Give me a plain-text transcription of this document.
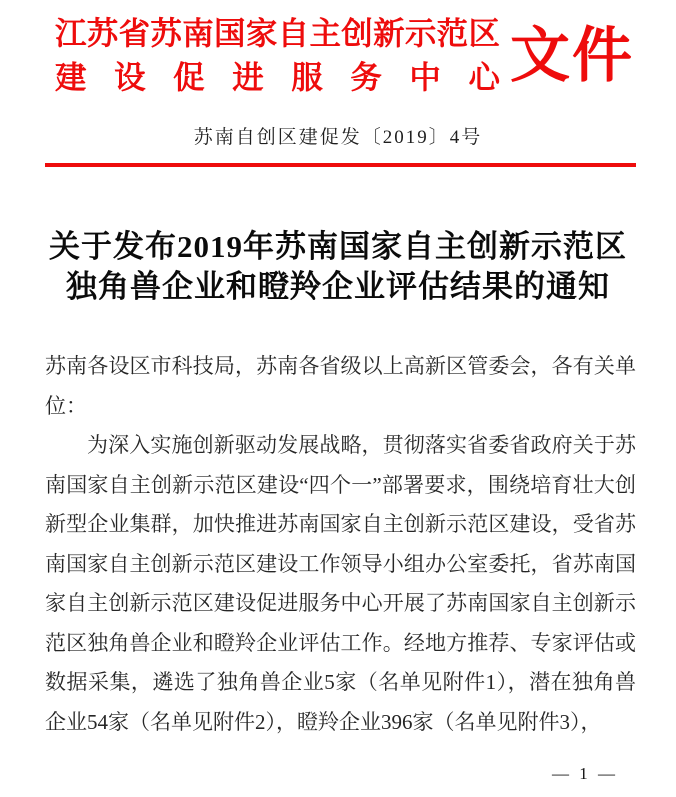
江苏省苏南国家自主创新示范区
建设促进服务中心 文件
苏南自创区建促发〔2019〕4号
关于发布2019年苏南国家自主创新示范区
独角兽企业和瞪羚企业评估结果的通知

苏南各设区市科技局，苏南各省级以上高新区管委会，各有关单位：

为深入实施创新驱动发展战略，贯彻落实省委省政府关于苏南国家自主创新示范区建设“四个一”部署要求，围绕培育壮大创新型企业集群，加快推进苏南国家自主创新示范区建设，受省苏南国家自主创新示范区建设工作领导小组办公室委托，省苏南国家自主创新示范区建设促进服务中心开展了苏南国家自主创新示范区独角兽企业和瞪羚企业评估工作。经地方推荐、专家评估或数据采集，遴选了独角兽企业5家（名单见附件1），潜在独角兽企业54家（名单见附件2），瞪羚企业396家（名单见附件3），

— 1 —
